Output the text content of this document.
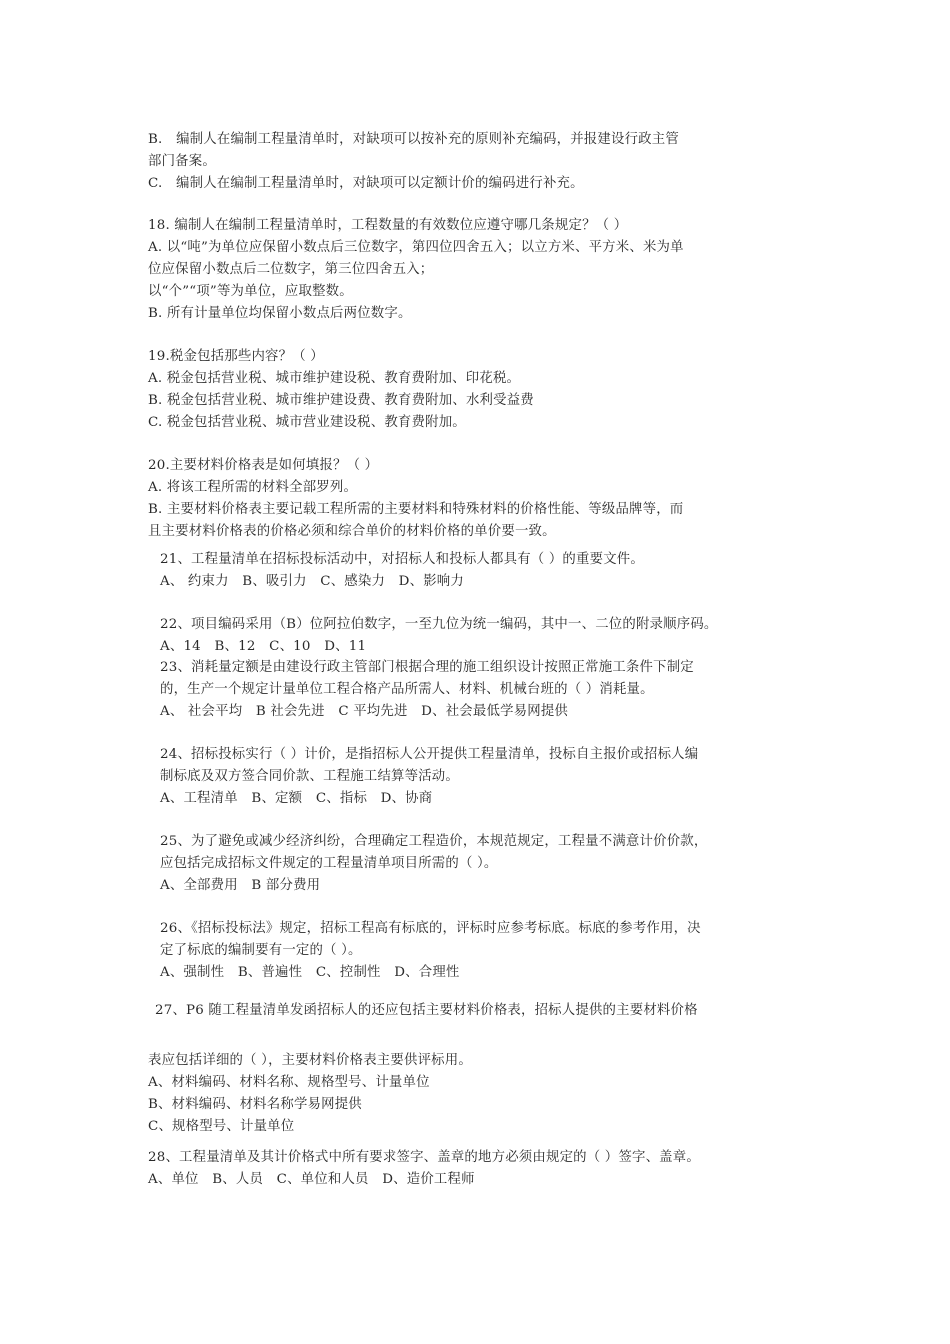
B.　编制人在编制工程量清单时，对缺项可以按补充的原则补充编码，并报建设行政主管
部门备案。
C.　编制人在编制工程量清单时，对缺项可以定额计价的编码进行补充。
18. 编制人在编制工程量清单时，工程数量的有效数位应遵守哪几条规定？（ ）
A. 以“吨”为单位应保留小数点后三位数字，第四位四舍五入；以立方米、平方米、米为单
位应保留小数点后二位数字，第三位四舍五入；
以“个”“项”等为单位，应取整数。
B. 所有计量单位均保留小数点后两位数字。
19.税金包括那些内容？（ ）
A. 税金包括营业税、城市维护建设税、教育费附加、印花税。
B. 税金包括营业税、城市维护建设费、教育费附加、水利受益费
C. 税金包括营业税、城市营业建设税、教育费附加。
20.主要材料价格表是如何填报？（ ）
A. 将该工程所需的材料全部罗列。
B. 主要材料价格表主要记载工程所需的主要材料和特殊材料的价格性能、等级品牌等，而
且主要材料价格表的价格必须和综合单价的材料价格的单价要一致。
21、工程量清单在招标投标活动中，对招标人和投标人都具有（ ）的重要文件。
A、 约束力　B、吸引力　C、感染力　D、影响力
22、项目编码采用（B）位阿拉伯数字，一至九位为统一编码，其中一、二位的附录顺序码。
A、14　B、12　C、10　D、11
23、消耗量定额是由建设行政主管部门根据合理的施工组织设计按照正常施工条件下制定
的，生产一个规定计量单位工程合格产品所需人、材料、机械台班的（ ）消耗量。
A、 社会平均　B 社会先进　C 平均先进　D、社会最低学易网提供
24、招标投标实行（ ）计价，是指招标人公开提供工程量清单，投标自主报价或招标人编
制标底及双方签合同价款、工程施工结算等活动。
A、工程清单　B、定额　C、指标　D、协商
25、为了避免或减少经济纠纷，合理确定工程造价，本规范规定，工程量不满意计价价款，
应包括完成招标文件规定的工程量清单项目所需的（ ）。
A、全部费用　B 部分费用
26、《招标投标法》规定，招标工程高有标底的，评标时应参考标底。标底的参考作用，决
定了标底的编制要有一定的（ ）。
A、强制性　B、普遍性　C、控制性　D、合理性
27、P6 随工程量清单发函招标人的还应包括主要材料价格表，招标人提供的主要材料价格
表应包括详细的（ ），主要材料价格表主要供评标用。
A、材料编码、材料名称、规格型号、计量单位
B、材料编码、材料名称学易网提供
C、规格型号、计量单位
28、工程量清单及其计价格式中所有要求签字、盖章的地方必须由规定的（ ）签字、盖章。
A、单位　B、人员　C、单位和人员　D、造价工程师
